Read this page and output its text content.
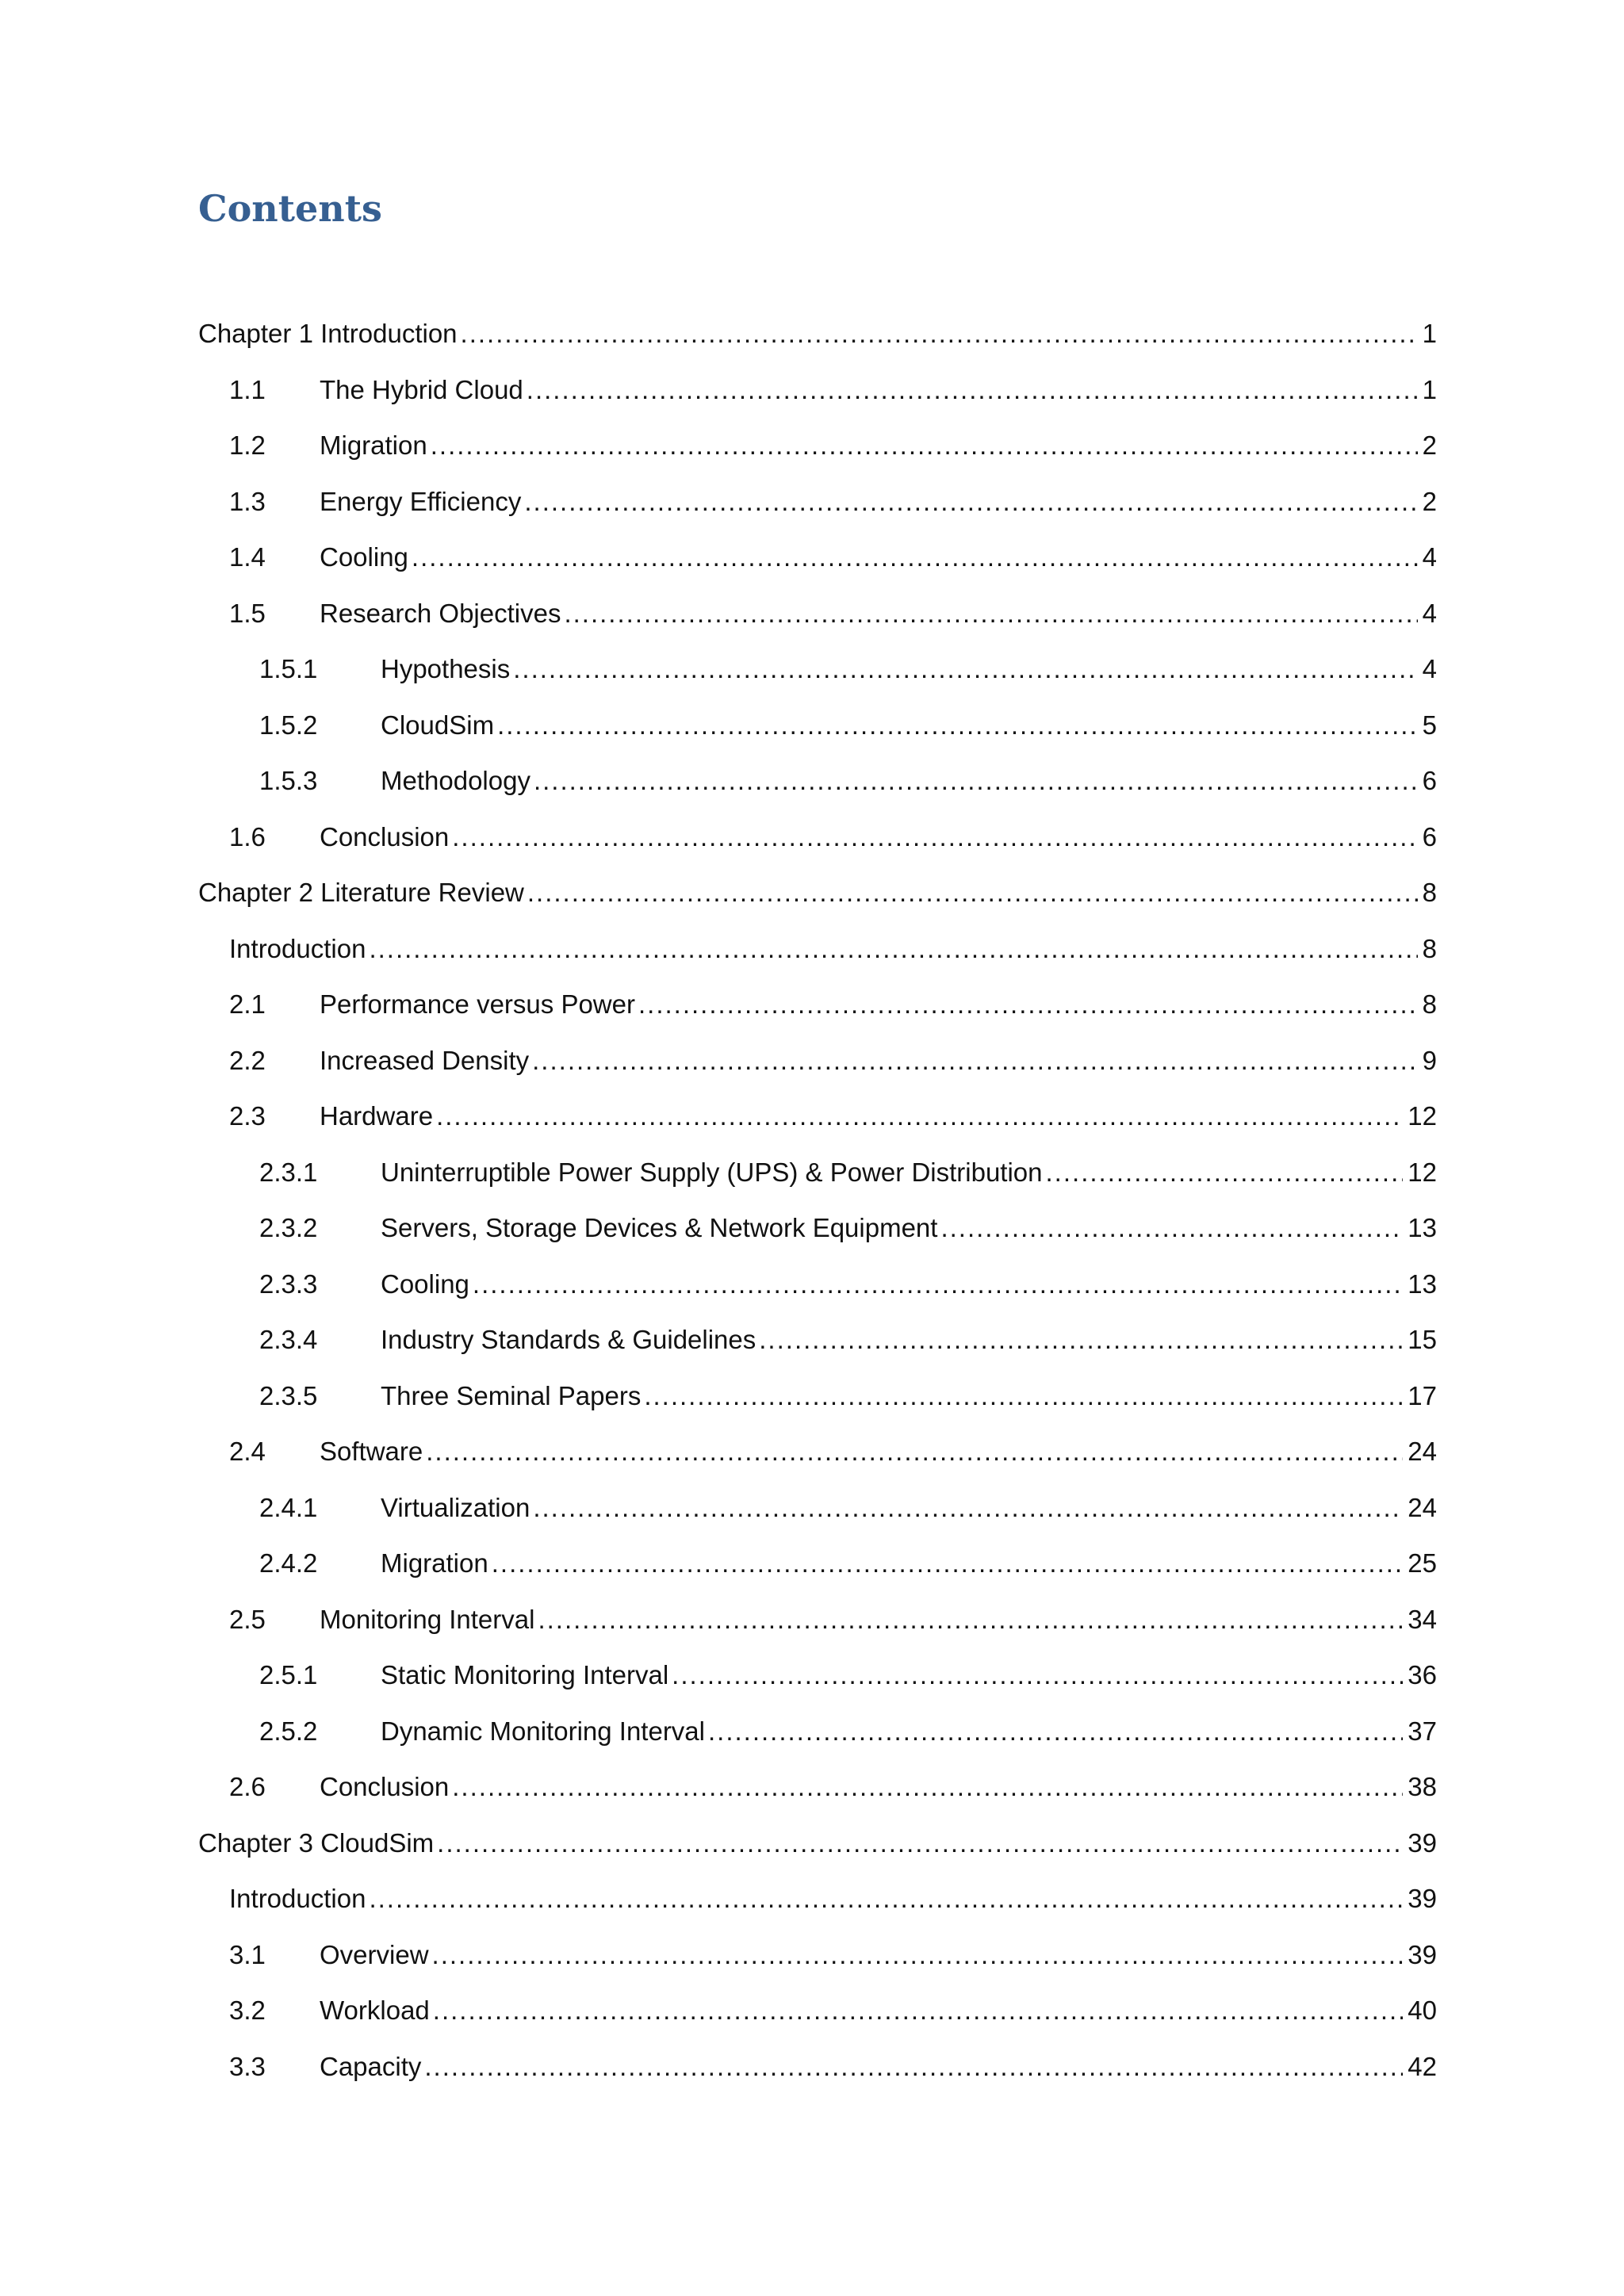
Contents
Chapter 1 Introduction .....	1
1.1	The Hybrid Cloud .....	1
1.2	Migration .....	2
1.3	Energy Efficiency .....	2
1.4	Cooling .....	4
1.5	Research Objectives .....	4
1.5.1	Hypothesis .....	4
1.5.2	CloudSim .....	5
1.5.3	Methodology .....	6
1.6	Conclusion .....	6
Chapter 2 Literature Review .....	8
Introduction .....	8
2.1	Performance versus Power .....	8
2.2	Increased Density .....	9
2.3	Hardware .....	12
2.3.1	Uninterruptible Power Supply (UPS) & Power Distribution .....	12
2.3.2	Servers, Storage Devices & Network Equipment .....	13
2.3.3	Cooling .....	13
2.3.4	Industry Standards & Guidelines .....	15
2.3.5	Three Seminal Papers .....	17
2.4	Software .....	24
2.4.1	Virtualization .....	24
2.4.2	Migration .....	25
2.5	Monitoring Interval .....	34
2.5.1	Static Monitoring Interval .....	36
2.5.2	Dynamic Monitoring Interval .....	37
2.6	Conclusion .....	38
Chapter 3 CloudSim .....	39
Introduction .....	39
3.1	Overview .....	39
3.2	Workload .....	40
3.3	Capacity .....	42
